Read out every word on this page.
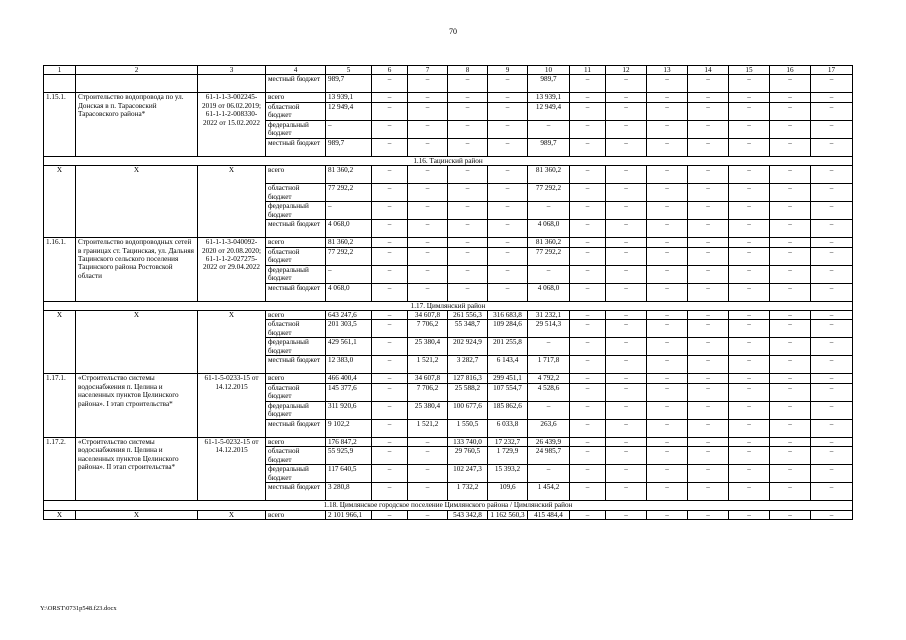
70
1	2	3	4	5	6	7	8	9	10	11	12	13	14	15	16	17
			местный бюджет	989,7	–	–	–	–	989,7	–	–	–	–	–	–	–
1.15.1.	Строительство водопровода по ул. Донская в п. Тарасовский Тарасовского района*	61-1-1-3-002245-2019 от 06.02.2019; 61-1-1-2-008330-2022 от 15.02.2022	всего	13 939,1	–	–	–	–	13 939,1	–	–	–	–	–	–	–
			областной бюджет	12 949,4	–	–	–	–	12 949,4	–	–	–	–	–	–	–
			федеральный бюджет	–	–	–	–	–	–	–	–	–	–	–	–	–
			местный бюджет	989,7	–	–	–	–	989,7	–	–	–	–	–	–	–
1.16. Тацинский район																
X	X	X	всего	81 360,2	–	–	–	–	81 360,2	–	–	–	–	–	–	–
			областной бюджет	77 292,2	–	–	–	–	77 292,2	–	–	–	–	–	–	–
			федеральный бюджет	–	–	–	–	–	–	–	–	–	–	–	–	–
			местный бюджет	4 068,0	–	–	–	–	4 068,0	–	–	–	–	–	–	–
1.16.1.	Строительство водопроводных сетей в границах ст. Тацинская, ул. Дальняя Тацинского сельского поселения Тацинского района Ростовской области	61-1-1-3-040092-2020 от 20.08.2020; 61-1-1-2-027275-2022 от 29.04.2022	всего	81 360,2	–	–	–	–	81 360,2	–	–	–	–	–	–	–
			областной бюджет	77 292,2	–	–	–	–	77 292,2	–	–	–	–	–	–	–
			федеральный бюджет	–	–	–	–	–	–	–	–	–	–	–	–	–
			местный бюджет	4 068,0	–	–	–	–	4 068,0	–	–	–	–	–	–	–
1.17. Цимлянский район																
X	X	X	всего	643 247,6	–	34 607,8	261 556,3	316 683,8	31 232,1	–	–	–	–	–	–	–
			областной бюджет	201 303,5	–	7 706,2	55 348,7	109 284,6	29 514,3	–	–	–	–	–	–	–
			федеральный бюджет	429 561,1	–	25 380,4	202 924,9	201 255,8	–	–	–	–	–	–	–	–
			местный бюджет	12 383,0	–	1 521,2	3 282,7	6 143,4	1 717,8	–	–	–	–	–	–	–
1.17.1.	«Строительство системы водоснабжения п. Целина и населенных пунктов Целинского района». I этап строительства*	61-1-5-0233-15 от 14.12.2015	всего	466 400,4	–	34 607,8	127 816,3	299 451,1	4 792,2	–	–	–	–	–	–	–
			областной бюджет	145 377,6	–	7 706,2	25 588,2	107 554,7	4 528,6	–	–	–	–	–	–	–
			федеральный бюджет	311 920,6	–	25 380,4	100 677,6	185 862,6	–	–	–	–	–	–	–	–
			местный бюджет	9 102,2	–	1 521,2	1 550,5	6 033,8	263,6	–	–	–	–	–	–	–
1.17.2.	«Строительство системы водоснабжения п. Целина и населенных пунктов Целинского района». II этап строительства*	61-1-5-0232-15 от 14.12.2015	всего	176 847,2	–	–	133 740,0	17 232,7	26 439,9	–	–	–	–	–	–	–
			областной бюджет	55 925,9	–	–	29 760,5	1 729,9	24 985,7	–	–	–	–	–	–	–
			федеральный бюджет	117 640,5	–	–	102 247,3	15 393,2	–	–	–	–	–	–	–	–
			местный бюджет	3 280,8	–	–	1 732,2	109,6	1 454,2	–	–	–	–	–	–	–
1.18. Цимлянское городское поселение Цимлянского района / Цимлянский район																
X	X	X	всего	2 101 966,1	–	–	543 342,8	1 162 560,3	415 484,4	–	–	–	–	–	–	–
Y:\ORST\0731p548.f23.docx
